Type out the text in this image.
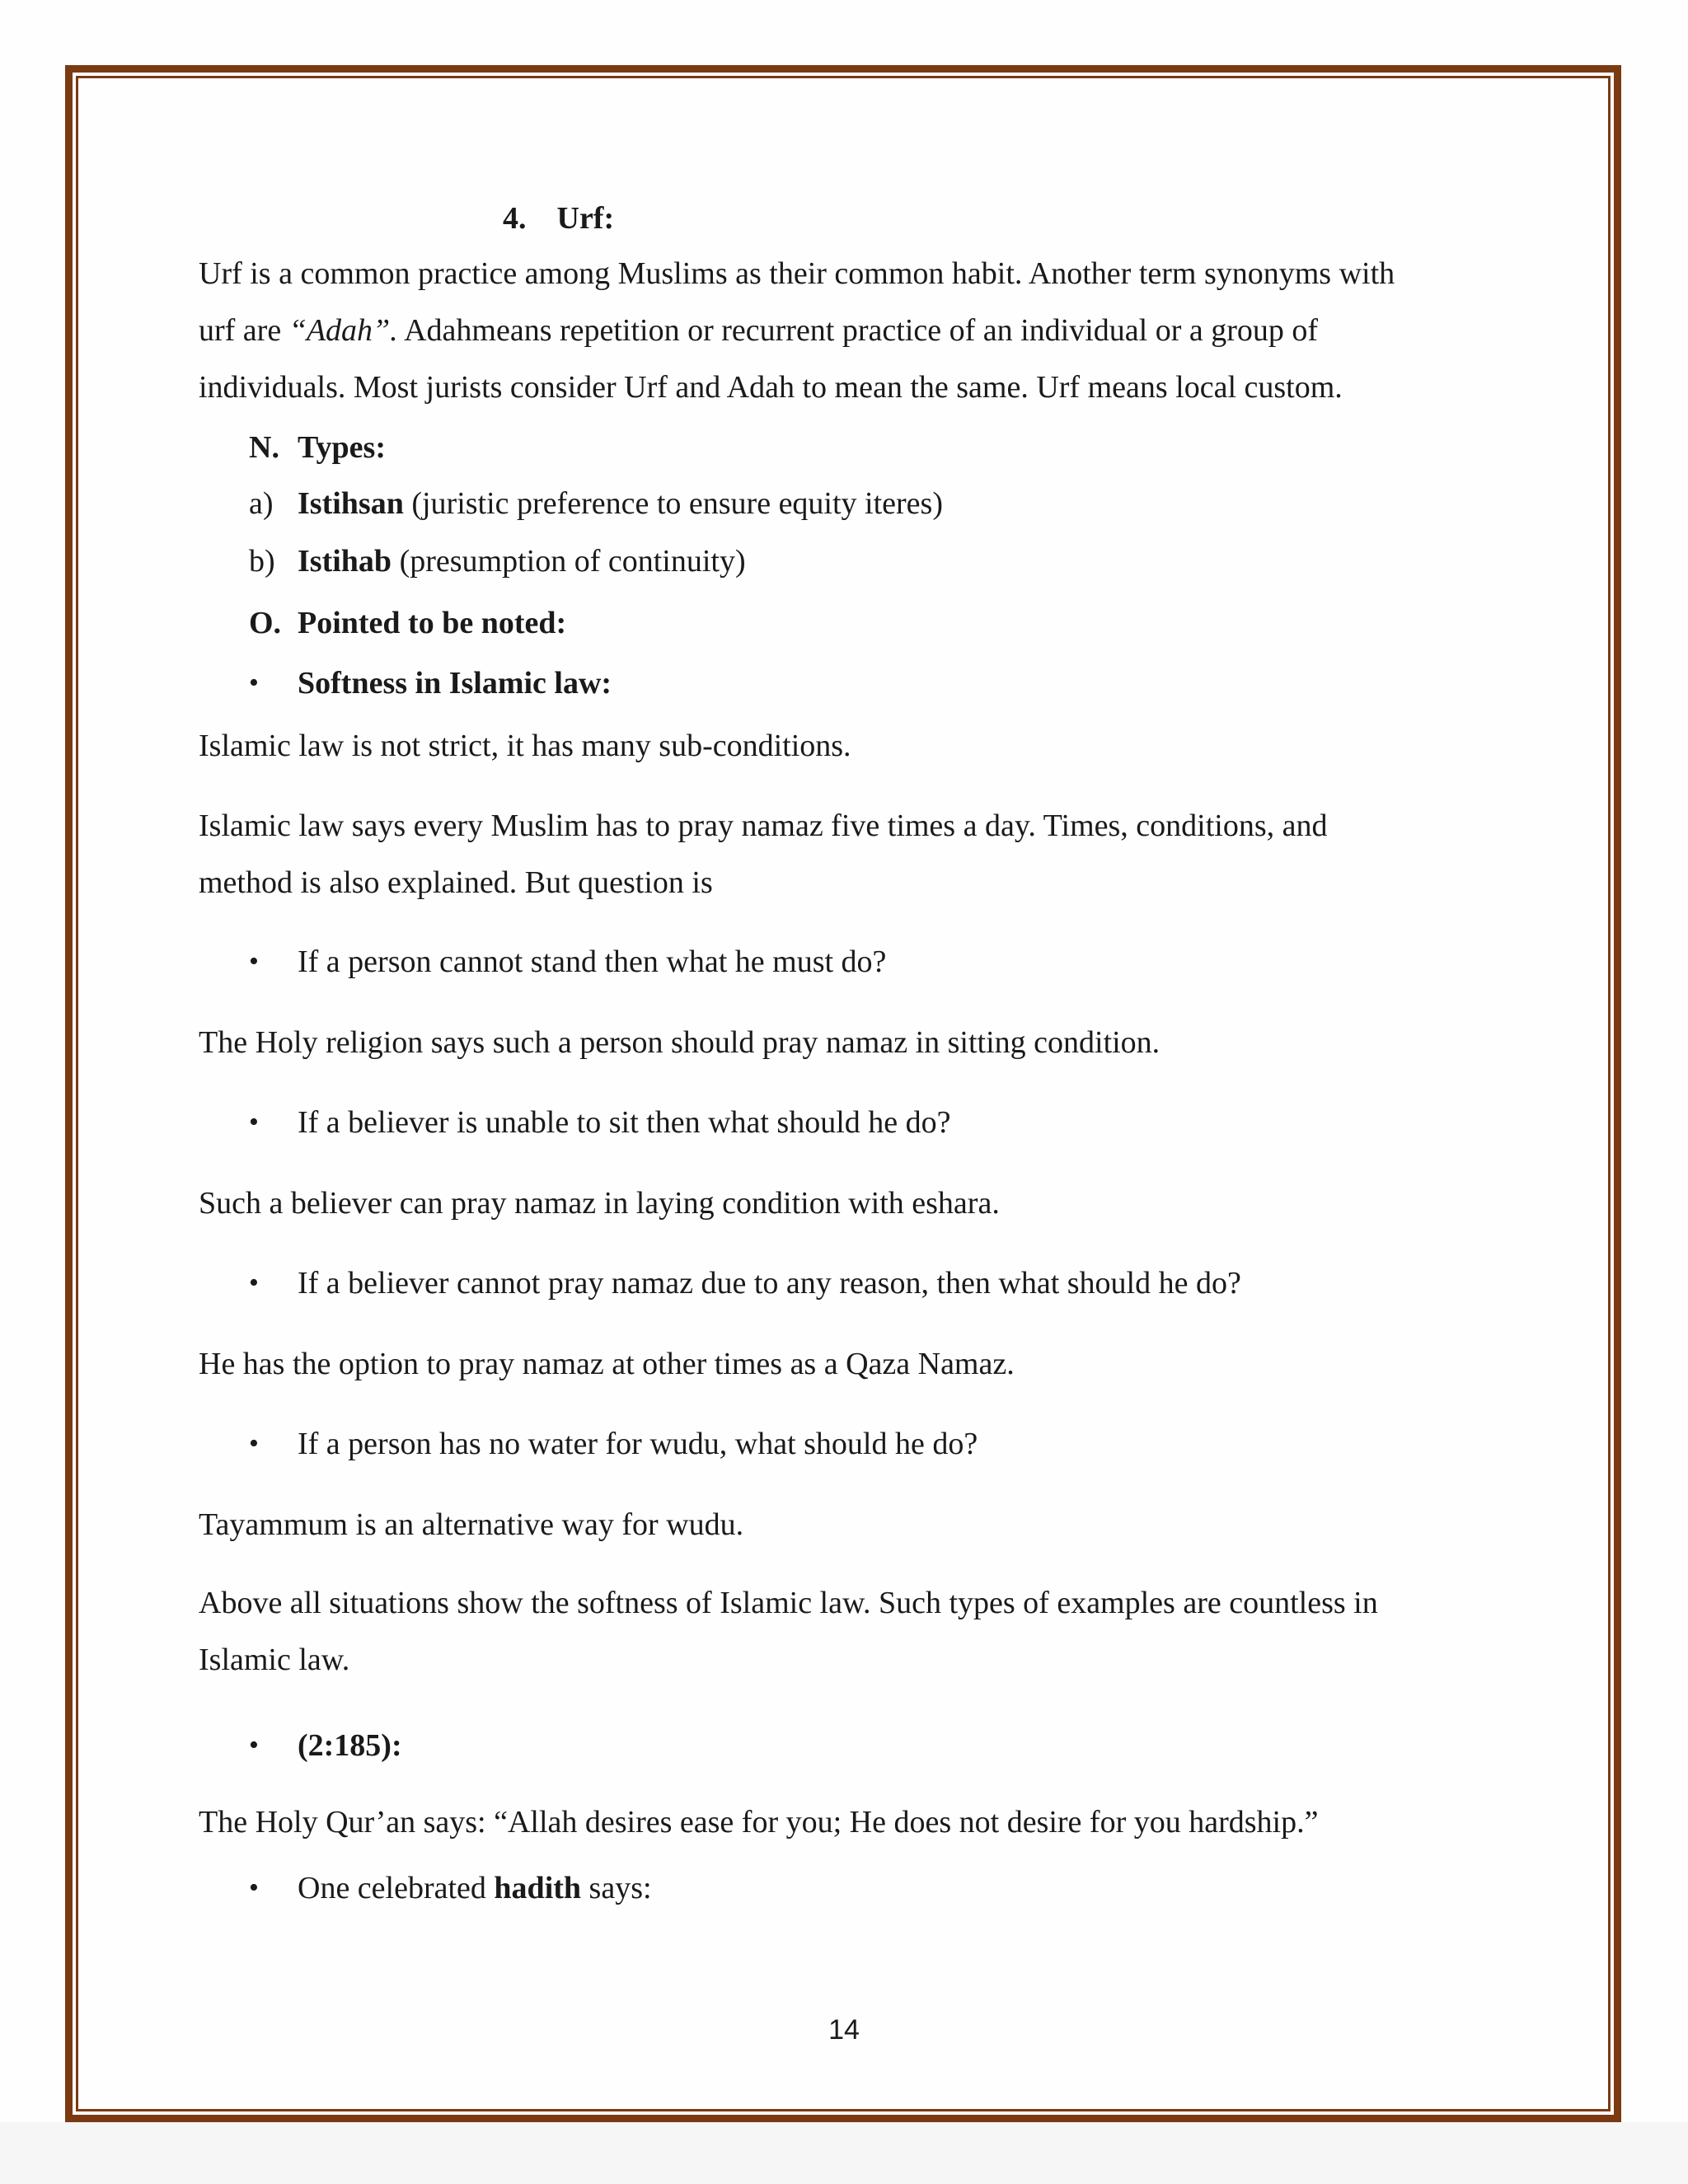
4. Urf:
Urf is a common practice among Muslims as their common habit. Another term synonyms with
urf are “Adah”. Adahmeans repetition or recurrent practice of an individual or a group of
individuals. Most jurists consider Urf and Adah to mean the same. Urf means local custom.
N. Types:
a) Istihsan (juristic preference to ensure equity iteres)
b) Istihab (presumption of continuity)
O. Pointed to be noted:
• Softness in Islamic law:
Islamic law is not strict, it has many sub-conditions.
Islamic law says every Muslim has to pray namaz five times a day. Times, conditions, and
method is also explained. But question is
• If a person cannot stand then what he must do?
The Holy religion says such a person should pray namaz in sitting condition.
• If a believer is unable to sit then what should he do?
Such a believer can pray namaz in laying condition with eshara.
• If a believer cannot pray namaz due to any reason, then what should he do?
He has the option to pray namaz at other times as a Qaza Namaz.
• If a person has no water for wudu, what should he do?
Tayammum is an alternative way for wudu.
Above all situations show the softness of Islamic law. Such types of examples are countless in
Islamic law.
• (2:185):
The Holy Qur’an says: “Allah desires ease for you; He does not desire for you hardship.”
• One celebrated hadith says:
14
